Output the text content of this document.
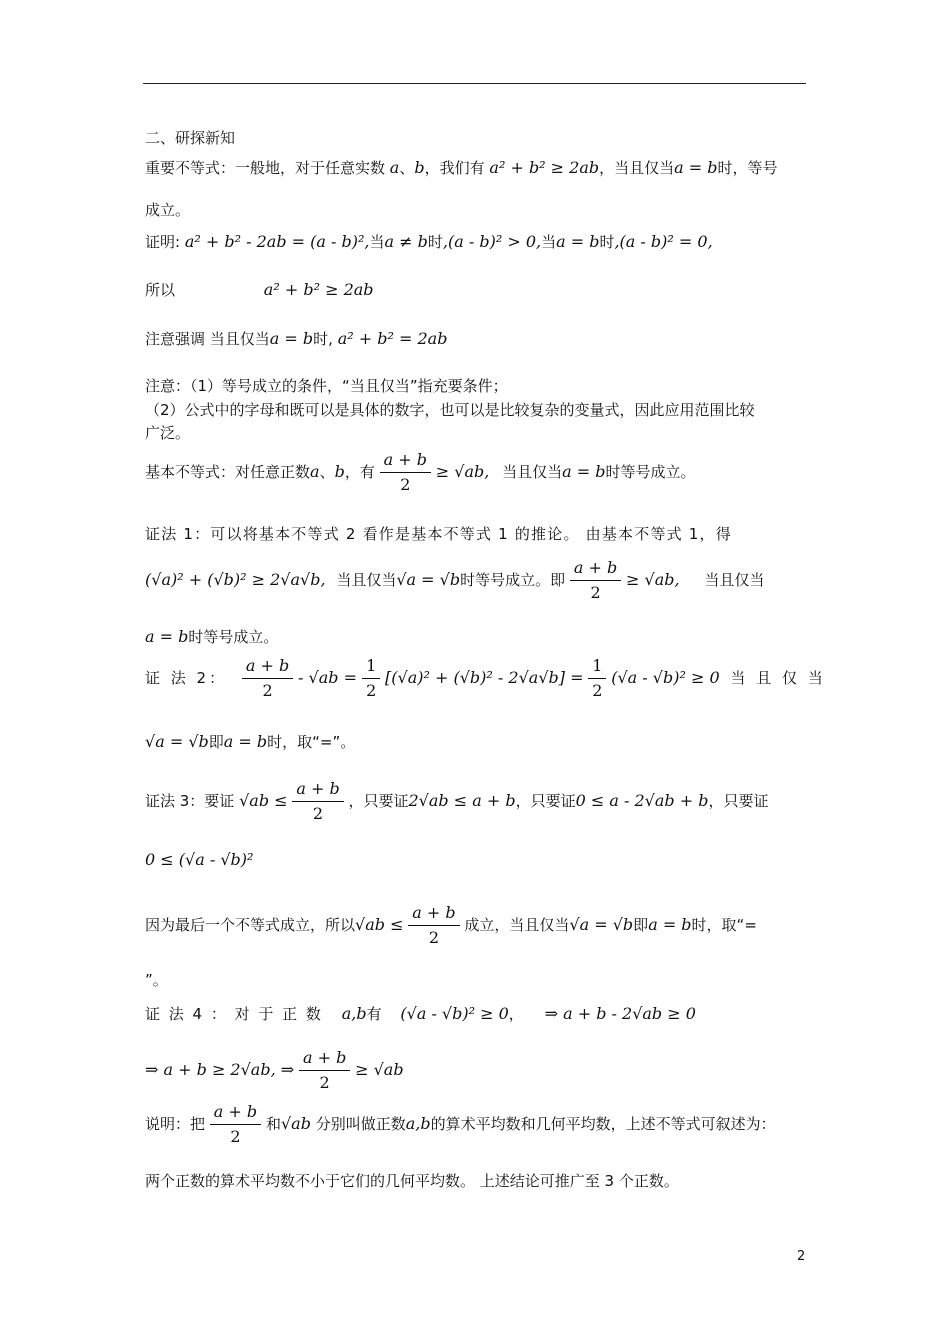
二、研探新知
重要不等式：一般地，对于任意实数 a、b，我们有 a² + b² ≥ 2ab，当且仅当a = b时，等号
成立。
证明: a² + b² - 2ab = (a - b)²,当a ≠ b时,(a - b)² > 0,当a = b时,(a - b)² = 0,
所以	a² + b² ≥ 2ab
注意强调 当且仅当a = b时, a² + b² = 2ab
注意：（1）等号成立的条件，“当且仅当”指充要条件；
（2）公式中的字母和既可以是具体的数字，也可以是比较复杂的变量式，因此应用范围比较
广泛。
基本不等式：对任意正数a、b，有 $\frac{a + b}{2} \ge √ab$, 当且仅当a = b时等号成立。
证法 1：可以将基本不等式 2 看作是基本不等式 1 的推论。 由基本不等式 1，得
(√a)² + (√b)² ≥ 2√a√b, 当且仅当√a = √b时等号成立。即 $\frac{a + b}{2} \ge √ab$, 当且仅当
a = b时等号成立。
证 法 2： $\frac{a + b}{2} - √ab = \frac{1}{2} [(√a)^2 + (√b)^2 - 2√a√b] = \frac{1}{2} (√a - √b)^2 \ge 0$ 当 且 仅 当
√a = √b即a = b时，取“=”。
证法 3：要证 $√ab \le \frac{a + b}{2}$ ，只要证2√ab ≤ a + b，只要证0 ≤ a - 2√ab + b，只要证
0 ≤ (√a - √b)²
因为最后一个不等式成立，所以$√ab \le \frac{a + b}{2}$ 成立，当且仅当√a = √b即a = b时，取“=
”。
证 法 4 ： 对 于 正 数 a,b有 (√a - √b)² ≥ 0， ⇒ a + b - 2√ab ≥ 0
⇒ a + b ≥ 2√ab, ⇒ $\frac{a + b}{2} \ge √ab$
说明：把 $\frac{a + b}{2}$ 和√ab 分别叫做正数a,b的算术平均数和几何平均数，上述不等式可叙述为：
两个正数的算术平均数不小于它们的几何平均数。 上述结论可推广至 3 个正数。
2
